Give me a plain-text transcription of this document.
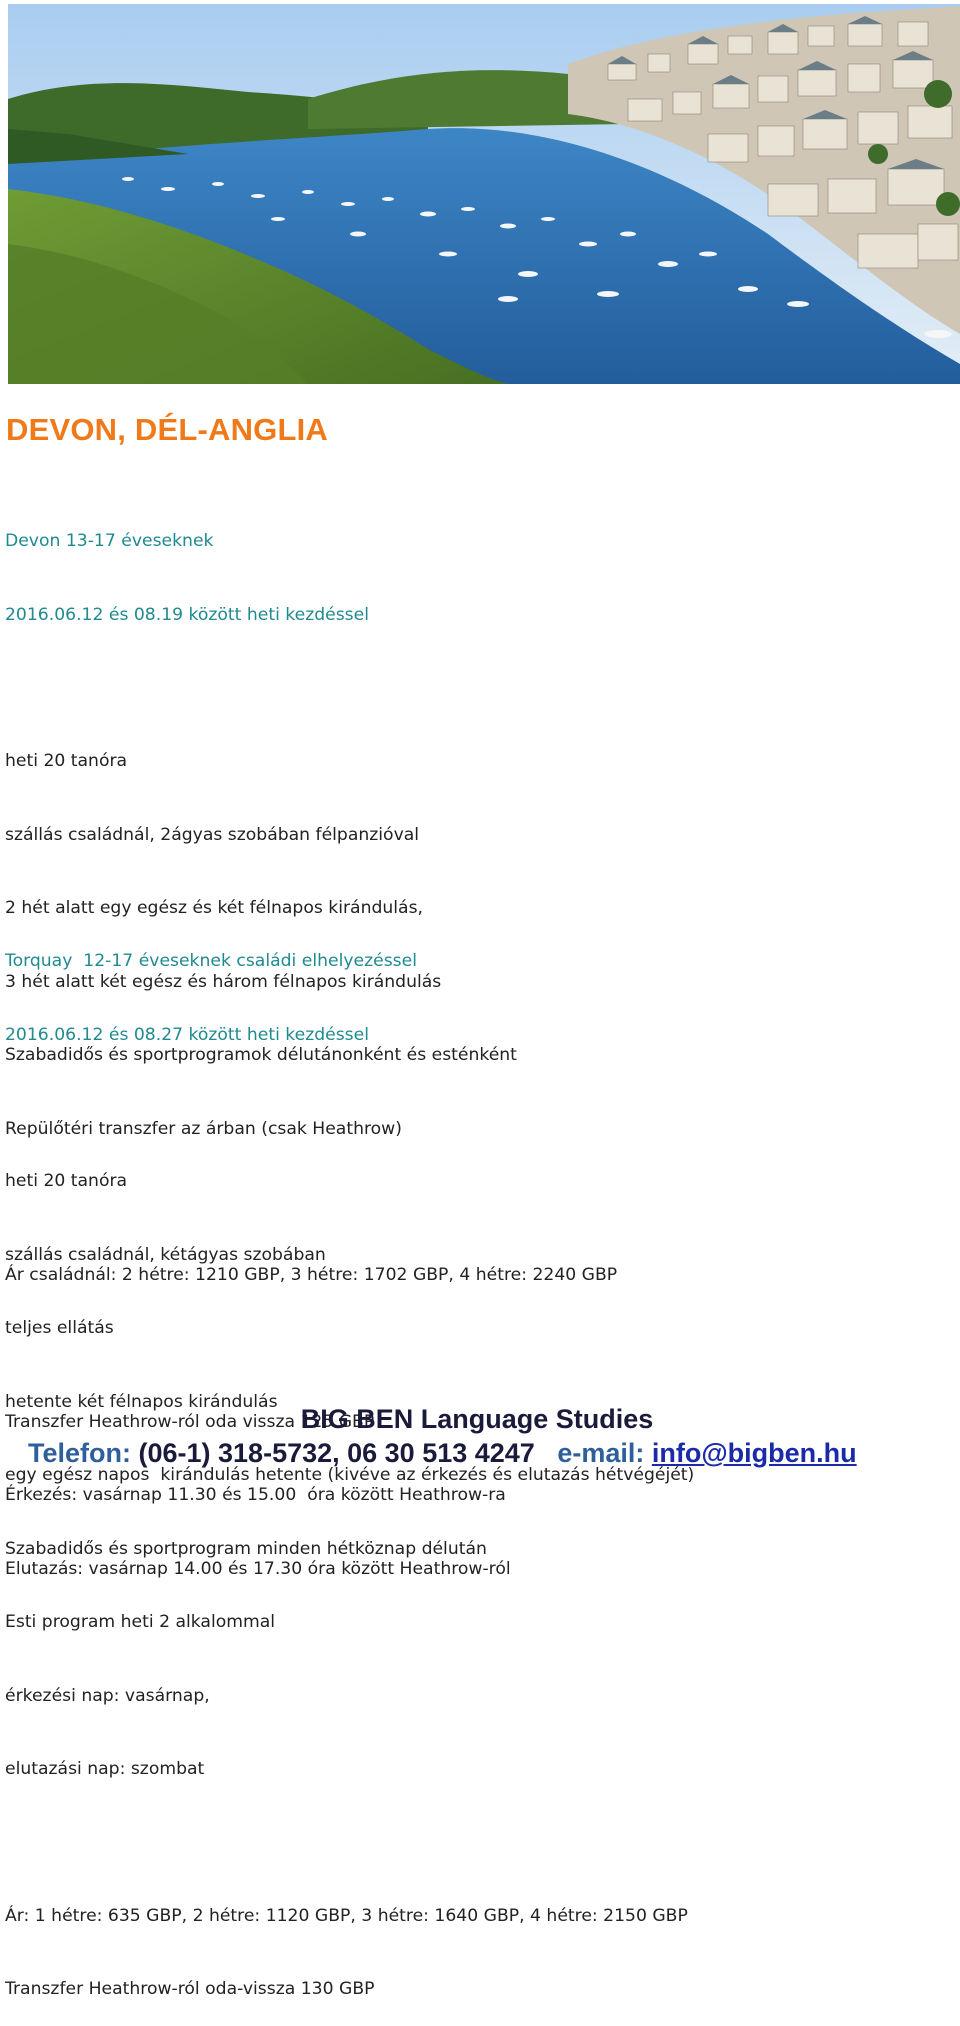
DEVON, DÉL-ANGLIA

Devon 13-17 éveseknek

2016.06.12 és 08.19 között heti kezdéssel

heti 20 tanóra

szállás családnál, 2ágyas szobában félpanzióval

2 hét alatt egy egész és két félnapos kirándulás,

3 hét alatt két egész és három félnapos kirándulás

Szabadidős és sportprogramok délutánonként és esténként

Repülőtéri transzfer az árban (csak Heathrow)

Ár családnál: 2 hétre: 1210 GBP, 3 hétre: 1702 GBP, 4 hétre: 2240 GBP

Transzfer Heathrow-ról oda vissza 125 GBP

Érkezés: vasárnap 11.30 és 15.00  óra között Heathrow-ra

Elutazás: vasárnap 14.00 és 17.30 óra között Heathrow-ról

Torquay  12-17 éveseknek családi elhelyezéssel

2016.06.12 és 08.27 között heti kezdéssel

heti 20 tanóra

szállás családnál, kétágyas szobában

teljes ellátás

hetente két félnapos kirándulás

egy egész napos  kirándulás hetente (kivéve az érkezés és elutazás hétvégéjét)

Szabadidős és sportprogram minden hétköznap délután

Esti program heti 2 alkalommal

érkezési nap: vasárnap,

elutazási nap: szombat

Ár: 1 hétre: 635 GBP, 2 hétre: 1120 GBP, 3 hétre: 1640 GBP, 4 hétre: 2150 GBP

Transzfer Heathrow-ról oda-vissza 130 GBP

BIG BEN Language Studies
Telefon: (06-1) 318-5732, 06 30 513 4247   e-mail: info@bigben.hu
